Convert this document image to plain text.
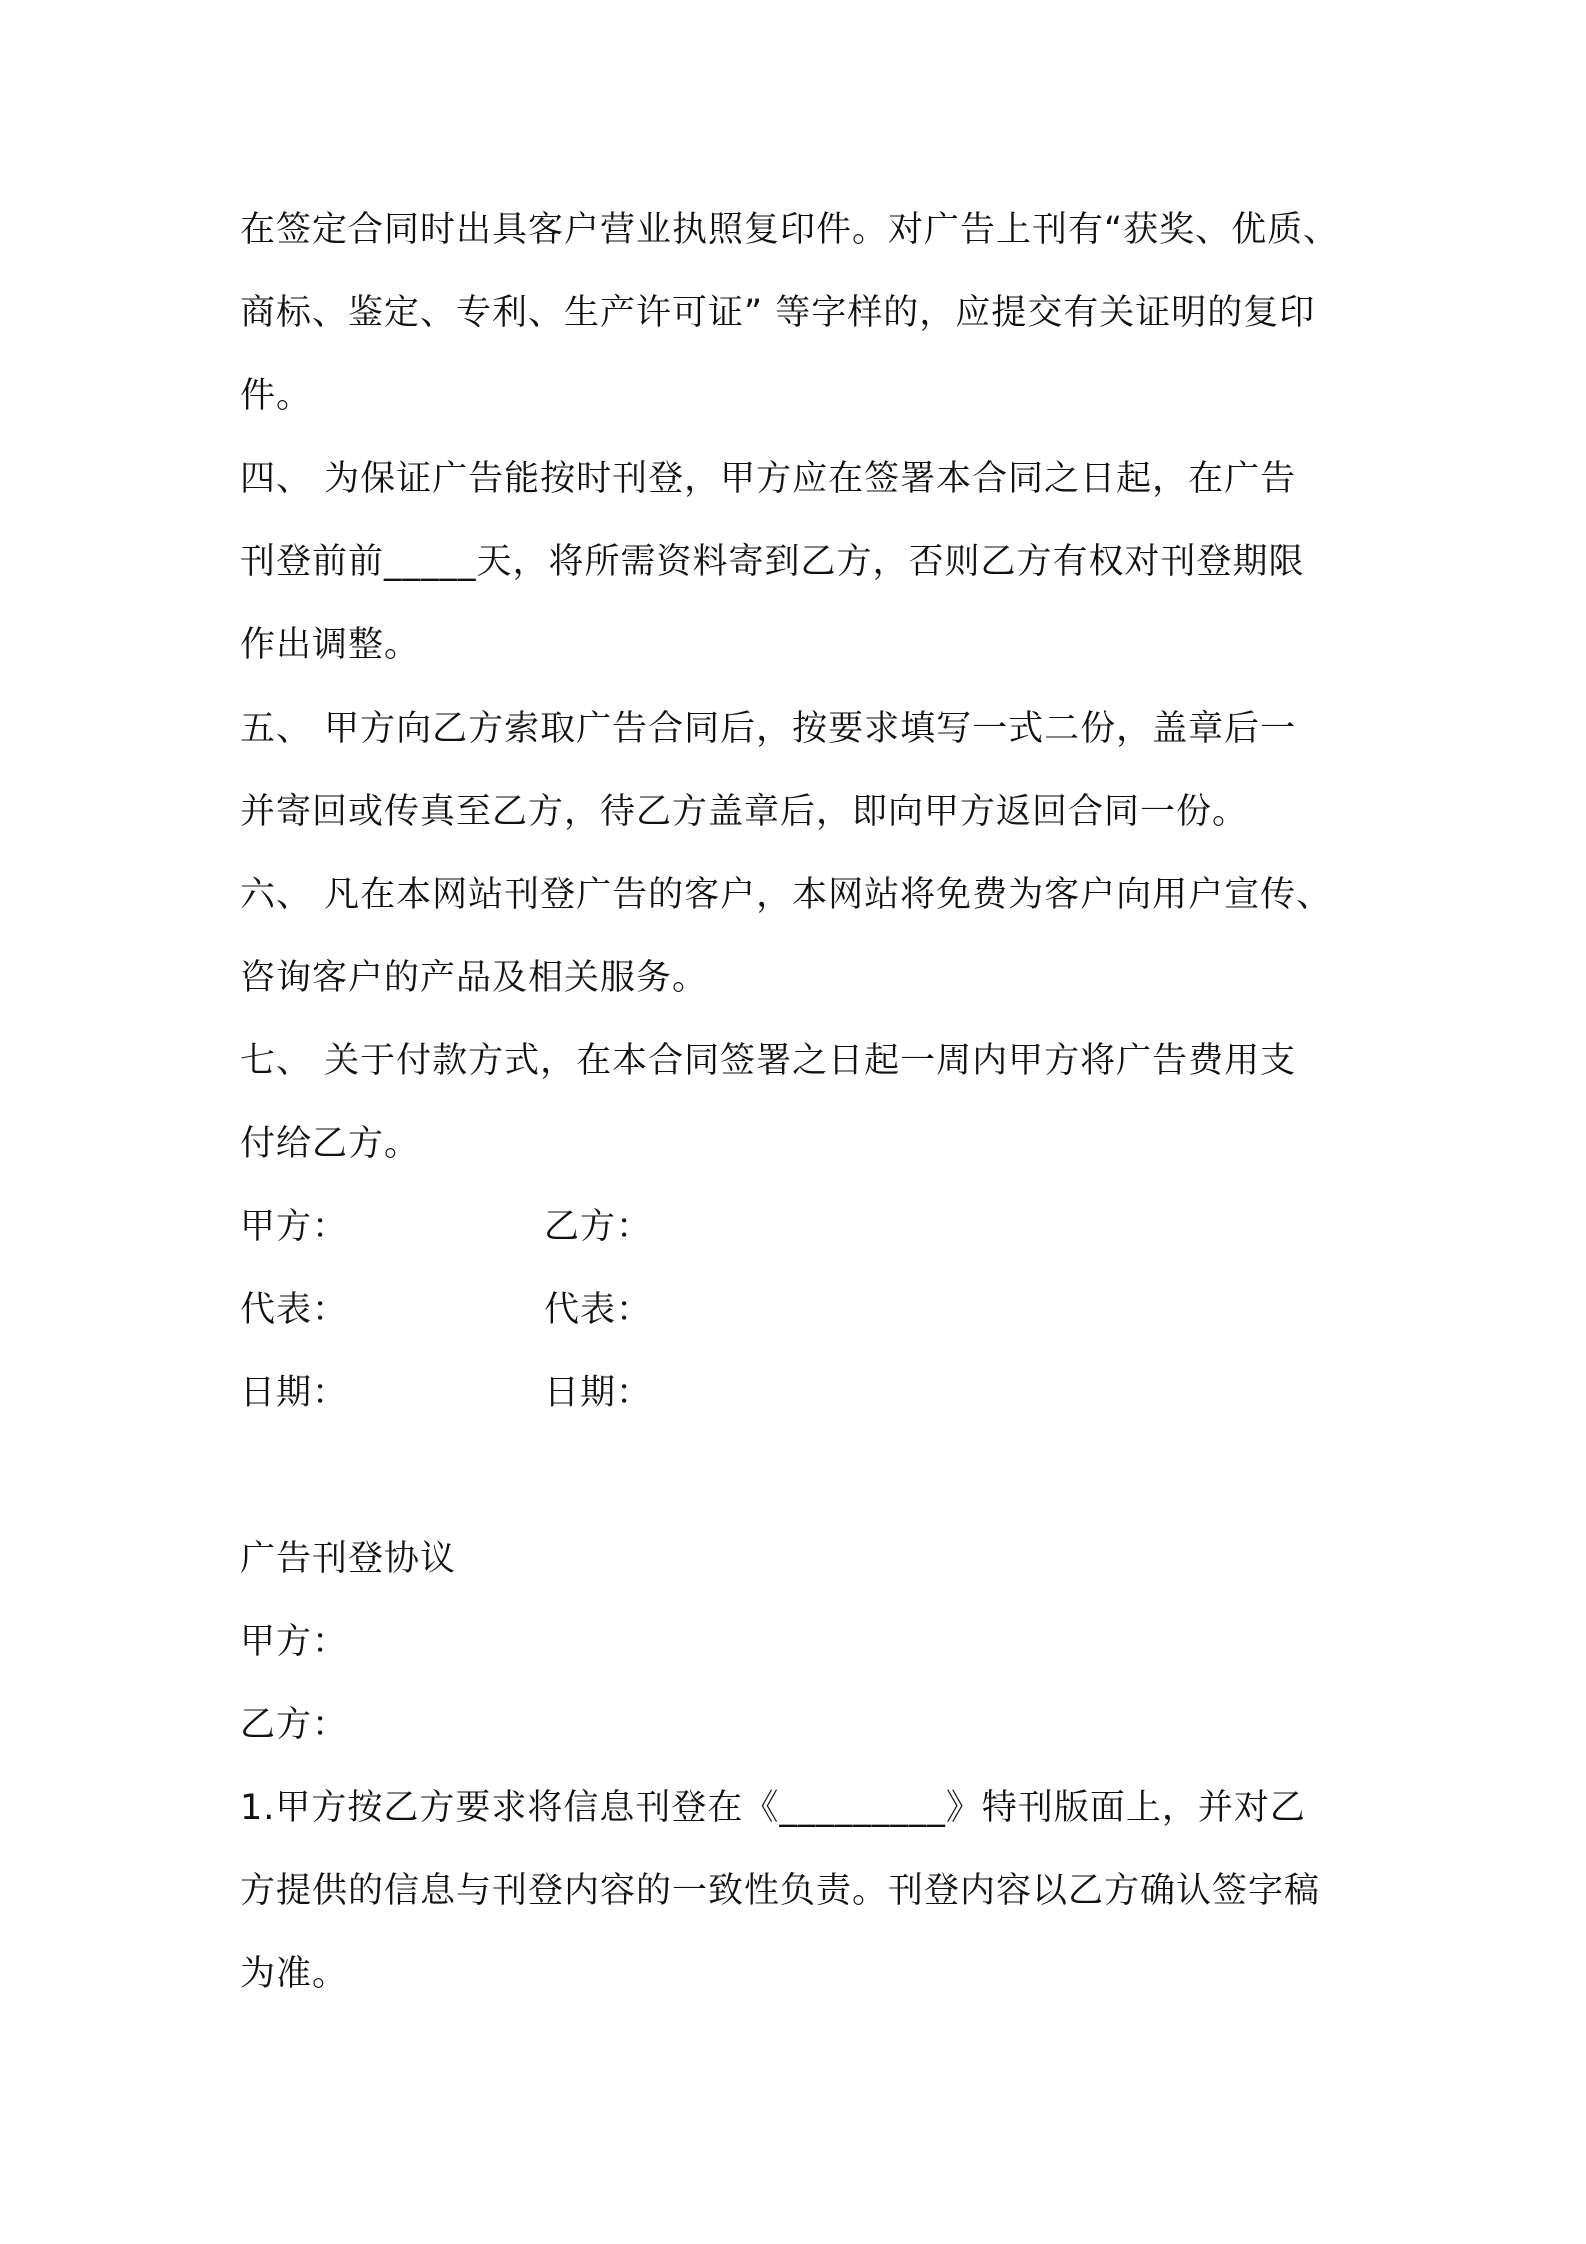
在签定合同时出具客户营业执照复印件。对广告上刊有“获奖、优质、
商标、鉴定、专利、生产许可证” 等字样的，应提交有关证明的复印
件。
四、 为保证广告能按时刊登，甲方应在签署本合同之日起，在广告
刊登前前_____天，将所需资料寄到乙方，否则乙方有权对刊登期限
作出调整。
五、 甲方向乙方索取广告合同后，按要求填写一式二份，盖章后一
并寄回或传真至乙方，待乙方盖章后，即向甲方返回合同一份。
六、 凡在本网站刊登广告的客户，本网站将免费为客户向用户宣传、
咨询客户的产品及相关服务。
七、 关于付款方式，在本合同签署之日起一周内甲方将广告费用支
付给乙方。
甲方：	乙方：
代表：	代表：
日期：	日期：
广告刊登协议
甲方：
乙方：
1.甲方按乙方要求将信息刊登在《_________》特刊版面上，并对乙
方提供的信息与刊登内容的一致性负责。刊登内容以乙方确认签字稿
为准。
